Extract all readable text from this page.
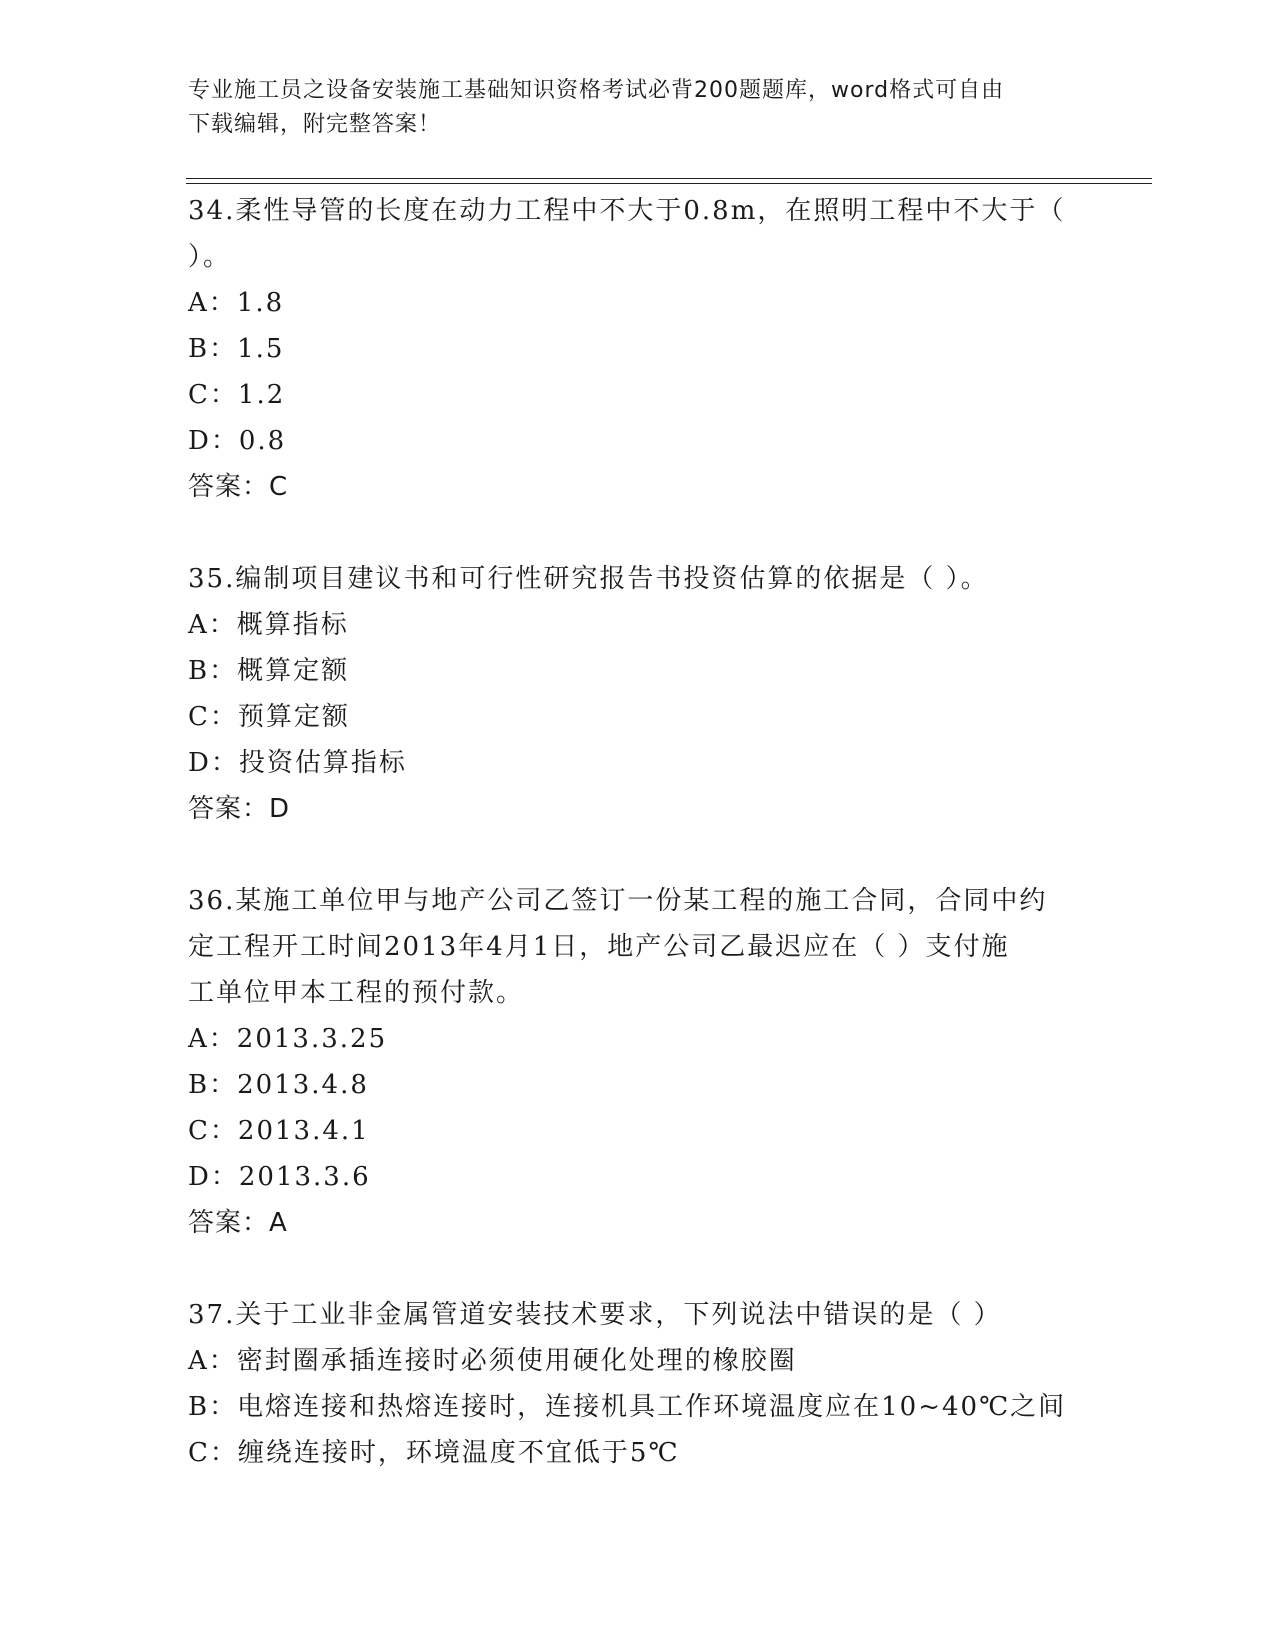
专业施工员之设备安装施工基础知识资格考试必背200题题库，word格式可自由
下载编辑，附完整答案！

34.柔性导管的长度在动力工程中不大于0.8m，在照明工程中不大于（

）。

A：1.8

B：1.5

C：1.2

D：0.8

答案：C

35.编制项目建议书和可行性研究报告书投资估算的依据是（ ）。

A：概算指标

B：概算定额

C：预算定额

D：投资估算指标

答案：D

36.某施工单位甲与地产公司乙签订一份某工程的施工合同，合同中约

定工程开工时间2013年4月1日，地产公司乙最迟应在（ ）支付施

工单位甲本工程的预付款。

A：2013.3.25

B：2013.4.8

C：2013.4.1

D：2013.3.6

答案：A

37.关于工业非金属管道安装技术要求，下列说法中错误的是（ ）

A：密封圈承插连接时必须使用硬化处理的橡胶圈

B：电熔连接和热熔连接时，连接机具工作环境温度应在10~40℃之间

C：缠绕连接时，环境温度不宜低于5℃
